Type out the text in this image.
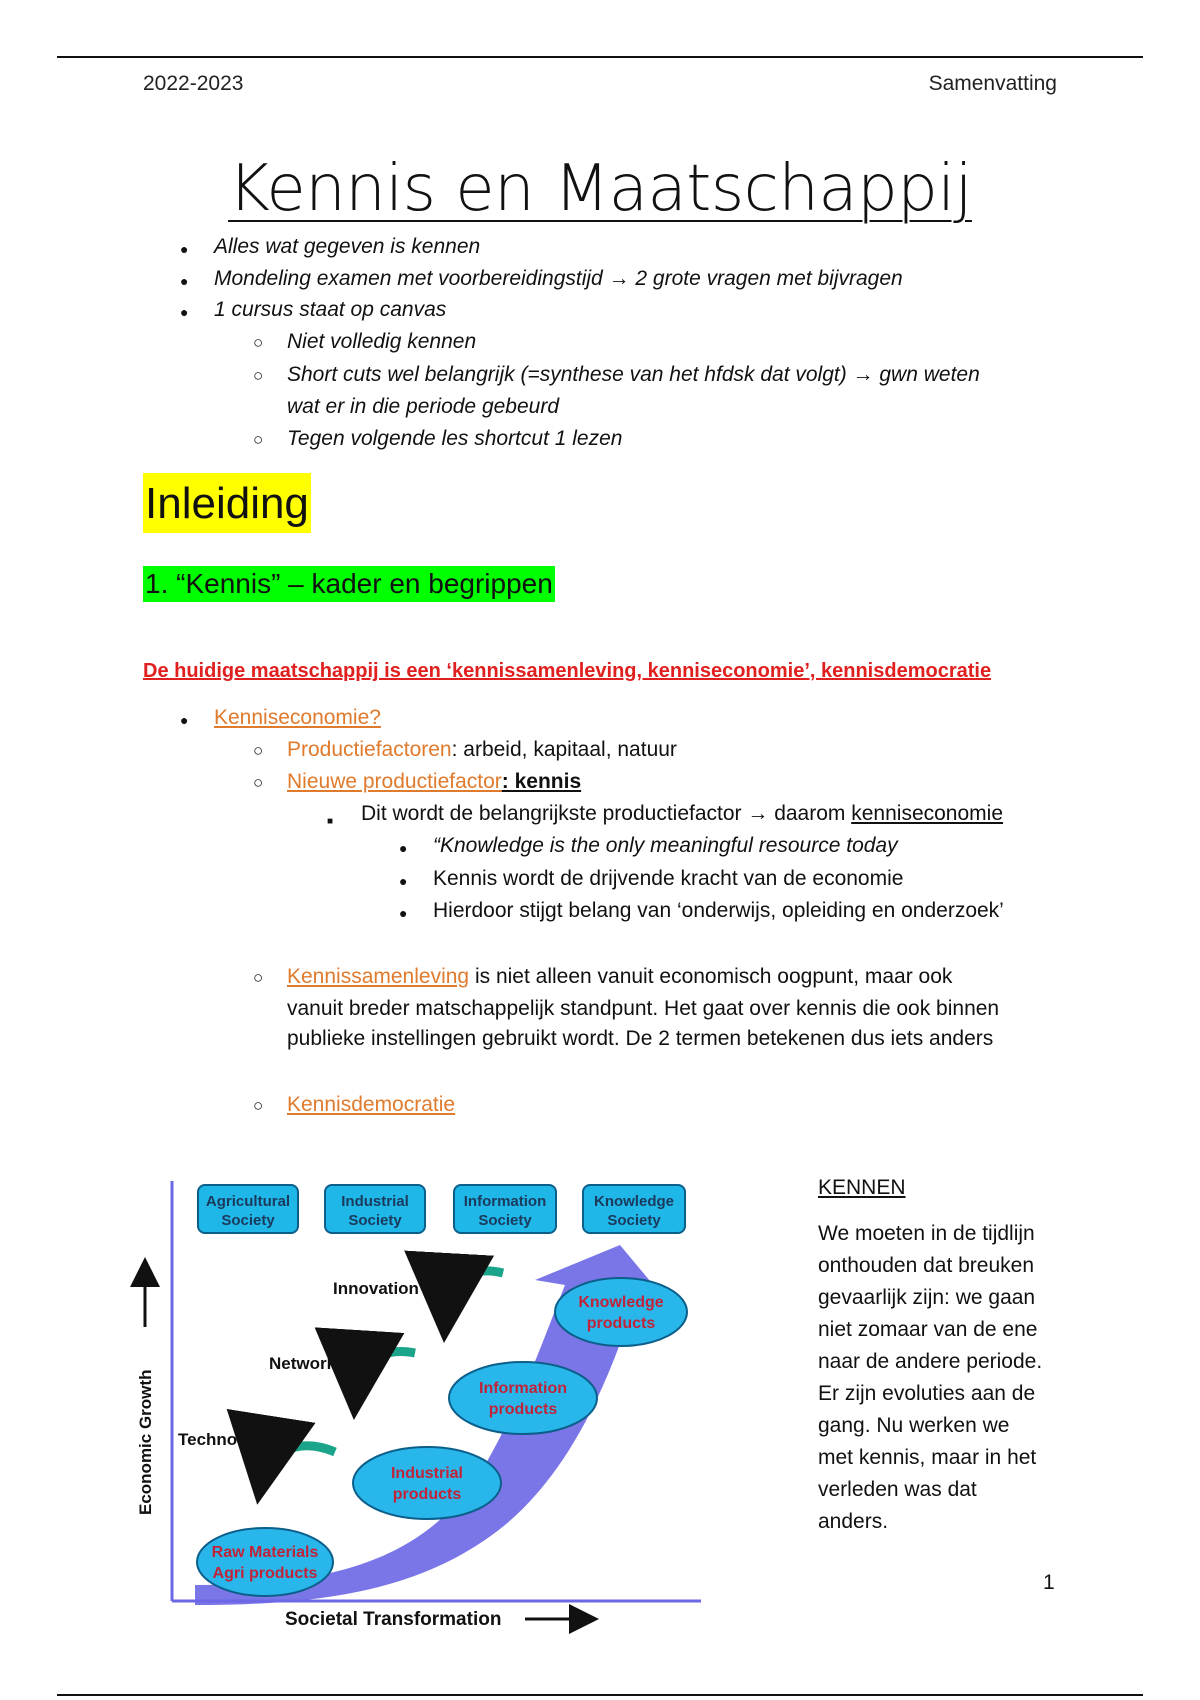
2022-2023	Samenvatting
Kennis en Maatschappij
● Alles wat gegeven is kennen
● Mondeling examen met voorbereidingstijd → 2 grote vragen met bijvragen
● 1 cursus staat op canvas
○ Niet volledig kennen
○ Short cuts wel belangrijk (=synthese van het hfdsk dat volgt) → gwn weten
wat er in die periode gebeurd
○ Tegen volgende les shortcut 1 lezen
Inleiding
1. “Kennis” – kader en begrippen
De huidige maatschappij is een ‘kennissamenleving, kenniseconomie’, kennisdemocratie
● Kenniseconomie?
○ Productiefactoren: arbeid, kapitaal, natuur
○ Nieuwe productiefactor: kennis
■ Dit wordt de belangrijkste productiefactor → daarom kenniseconomie
● “Knowledge is the only meaningful resource today
● Kennis wordt de drijvende kracht van de economie
● Hierdoor stijgt belang van ‘onderwijs, opleiding en onderzoek’
○ Kennissamenleving is niet alleen vanuit economisch oogpunt, maar ook
vanuit breder matschappelijk standpunt. Het gaat over kennis die ook binnen
publieke instellingen gebruikt wordt. De 2 termen betekenen dus iets anders
○ Kennisdemocratie
Agricultural
Society
Industrial
Society
Information
Society
Knowledge
Society
Raw Materials
Agri products
Industrial
products
Information
products
Knowledge
products
Technology
Networks
Innovation
Economic Growth
Societal Transformation
KENNEN
We moeten in de tijdlijn
onthouden dat breuken
gevaarlijk zijn: we gaan
niet zomaar van de ene
naar de andere periode.
Er zijn evoluties aan de
gang. Nu werken we
met kennis, maar in het
verleden was dat
anders.
1
